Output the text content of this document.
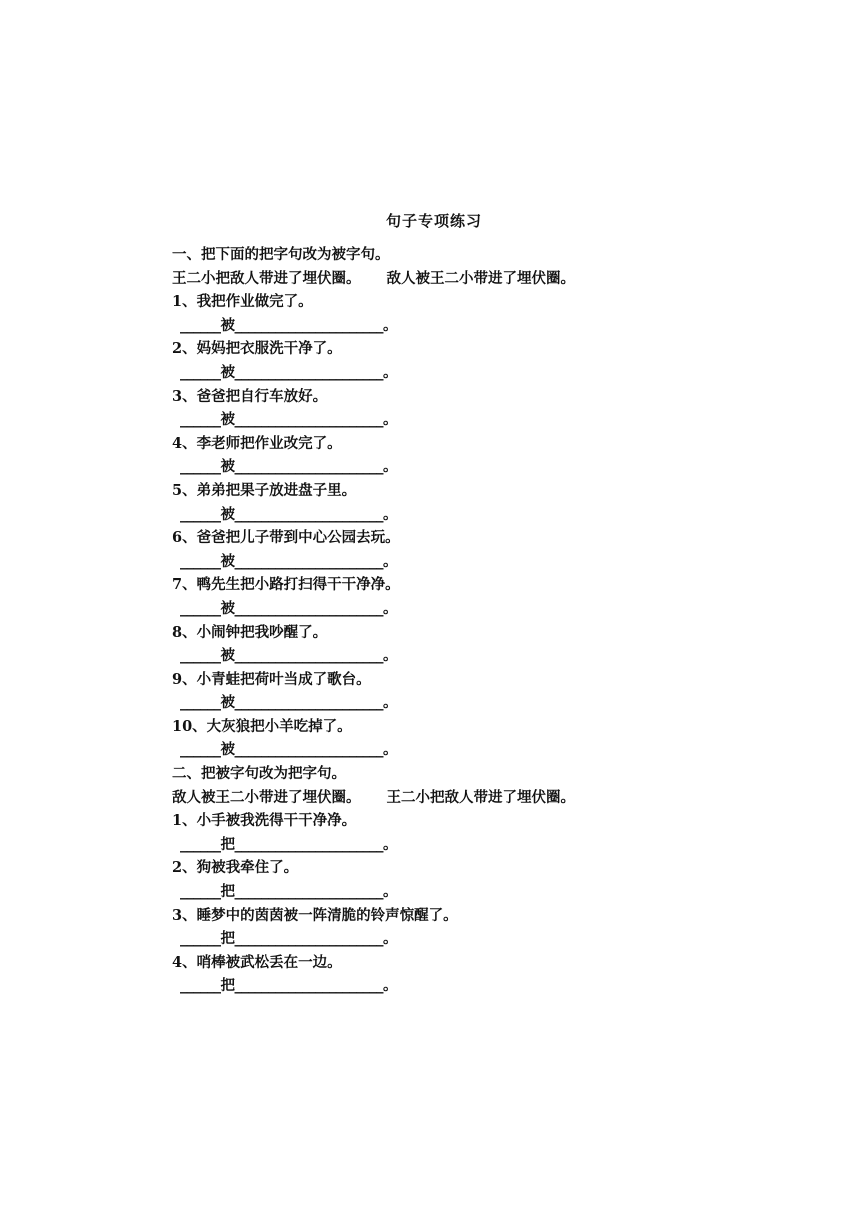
句子专项练习
一、把下面的把字句改为被字句。
王二小把敌人带进了埋伏圈。 敌人被王二小带进了埋伏圈。
1、我把作业做完了。
______被______________________。
2、妈妈把衣服洗干净了。
______被______________________。
3、爸爸把自行车放好。
______被______________________。
4、李老师把作业改完了。
______被______________________。
5、弟弟把果子放进盘子里。
______被______________________。
6、爸爸把儿子带到中心公园去玩。
______被______________________。
7、鸭先生把小路打扫得干干净净。
______被______________________。
8、小闹钟把我吵醒了。
______被______________________。
9、小青蛙把荷叶当成了歌台。
______被______________________。
10、大灰狼把小羊吃掉了。
______被______________________。
二、把被字句改为把字句。
敌人被王二小带进了埋伏圈。 王二小把敌人带进了埋伏圈。
1、小手被我洗得干干净净。
______把______________________。
2、狗被我牵住了。
______把______________________。
3、睡梦中的茵茵被一阵清脆的铃声惊醒了。
______把______________________。
4、哨棒被武松丢在一边。
______把______________________。
